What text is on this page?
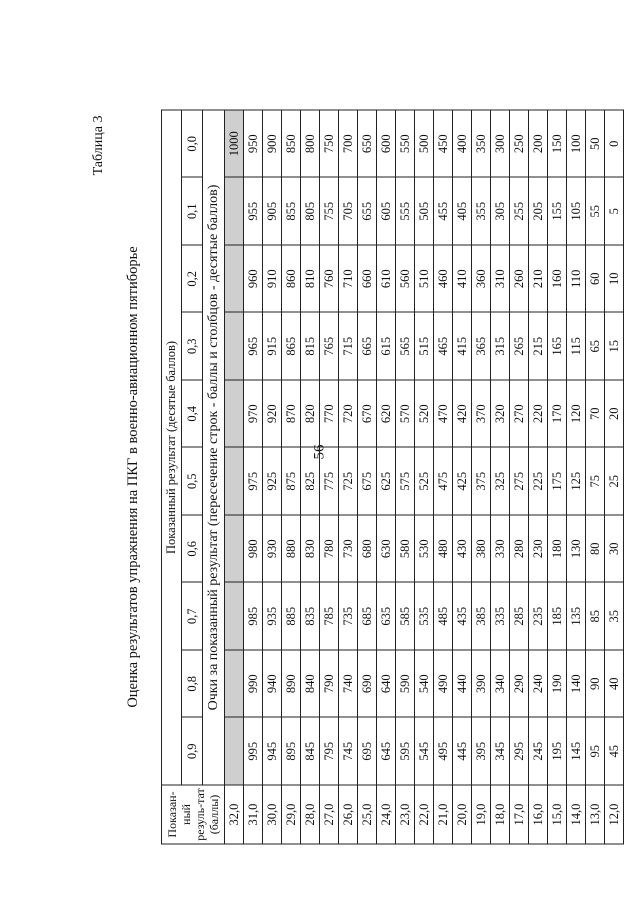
56
Таблица 3
Оценка результатов упражнения на ПКГ в военно-авиационном пятиборье
Показан-ный резуль-тат (баллы)	Показанный результат (десятые баллов)									
	0,9	0,8	0,7	0,6	0,5	0,4	0,3	0,2	0,1	0,0
	Очки за показанный результат (пересечение строк - баллы и столбцов - десятые баллов)									
32,0										1000
31,0	995	990	985	980	975	970	965	960	955	950
30,0	945	940	935	930	925	920	915	910	905	900
29,0	895	890	885	880	875	870	865	860	855	850
28,0	845	840	835	830	825	820	815	810	805	800
27,0	795	790	785	780	775	770	765	760	755	750
26,0	745	740	735	730	725	720	715	710	705	700
25,0	695	690	685	680	675	670	665	660	655	650
24,0	645	640	635	630	625	620	615	610	605	600
23,0	595	590	585	580	575	570	565	560	555	550
22,0	545	540	535	530	525	520	515	510	505	500
21,0	495	490	485	480	475	470	465	460	455	450
20,0	445	440	435	430	425	420	415	410	405	400
19,0	395	390	385	380	375	370	365	360	355	350
18,0	345	340	335	330	325	320	315	310	305	300
17,0	295	290	285	280	275	270	265	260	255	250
16,0	245	240	235	230	225	220	215	210	205	200
15,0	195	190	185	180	175	170	165	160	155	150
14,0	145	140	135	130	125	120	115	110	105	100
13,0	95	90	85	80	75	70	65	60	55	50
12,0	45	40	35	30	25	20	15	10	5	0
